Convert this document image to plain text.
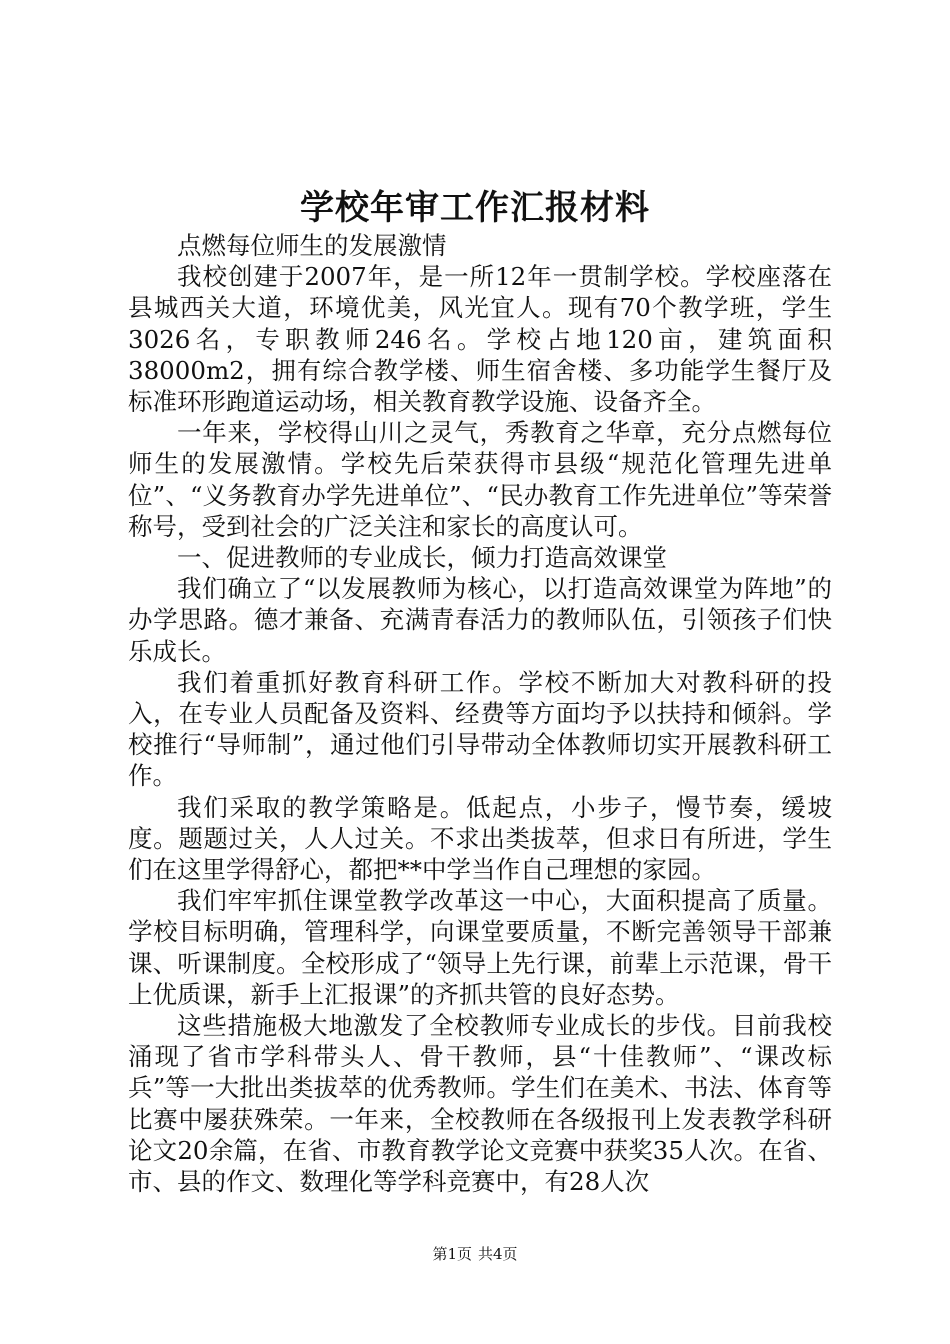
学校年审工作汇报材料

点燃每位师生的发展激情

我校创建于2007年，是一所12年一贯制学校。学校座落在县城西关大道，环境优美，风光宜人。现有70个教学班，学生3026名，专职教师246名。学校占地120亩，建筑面积38000m2，拥有综合教学楼、师生宿舍楼、多功能学生餐厅及标准环形跑道运动场，相关教育教学设施、设备齐全。

一年来，学校得山川之灵气，秀教育之华章，充分点燃每位师生的发展激情。学校先后荣获得市县级“规范化管理先进单位”、“义务教育办学先进单位”、“民办教育工作先进单位”等荣誉称号，受到社会的广泛关注和家长的高度认可。

一、促进教师的专业成长，倾力打造高效课堂

我们确立了“以发展教师为核心，以打造高效课堂为阵地”的办学思路。德才兼备、充满青春活力的教师队伍，引领孩子们快乐成长。

我们着重抓好教育科研工作。学校不断加大对教科研的投入，在专业人员配备及资料、经费等方面均予以扶持和倾斜。学校推行“导师制”，通过他们引导带动全体教师切实开展教科研工作。

我们采取的教学策略是。低起点，小步子，慢节奏，缓坡度。题题过关，人人过关。不求出类拔萃，但求日有所进，学生们在这里学得舒心，都把**中学当作自己理想的家园。

我们牢牢抓住课堂教学改革这一中心，大面积提高了质量。学校目标明确，管理科学，向课堂要质量，不断完善领导干部兼课、听课制度。全校形成了“领导上先行课，前辈上示范课，骨干上优质课，新手上汇报课”的齐抓共管的良好态势。

这些措施极大地激发了全校教师专业成长的步伐。目前我校涌现了省市学科带头人、骨干教师，县“十佳教师”、“课改标兵”等一大批出类拔萃的优秀教师。学生们在美术、书法、体育等比赛中屡获殊荣。一年来，全校教师在各级报刊上发表教学科研论文20余篇，在省、市教育教学论文竞赛中获奖35人次。在省、市、县的作文、数理化等学科竞赛中，有28人次

第1页 共4页
